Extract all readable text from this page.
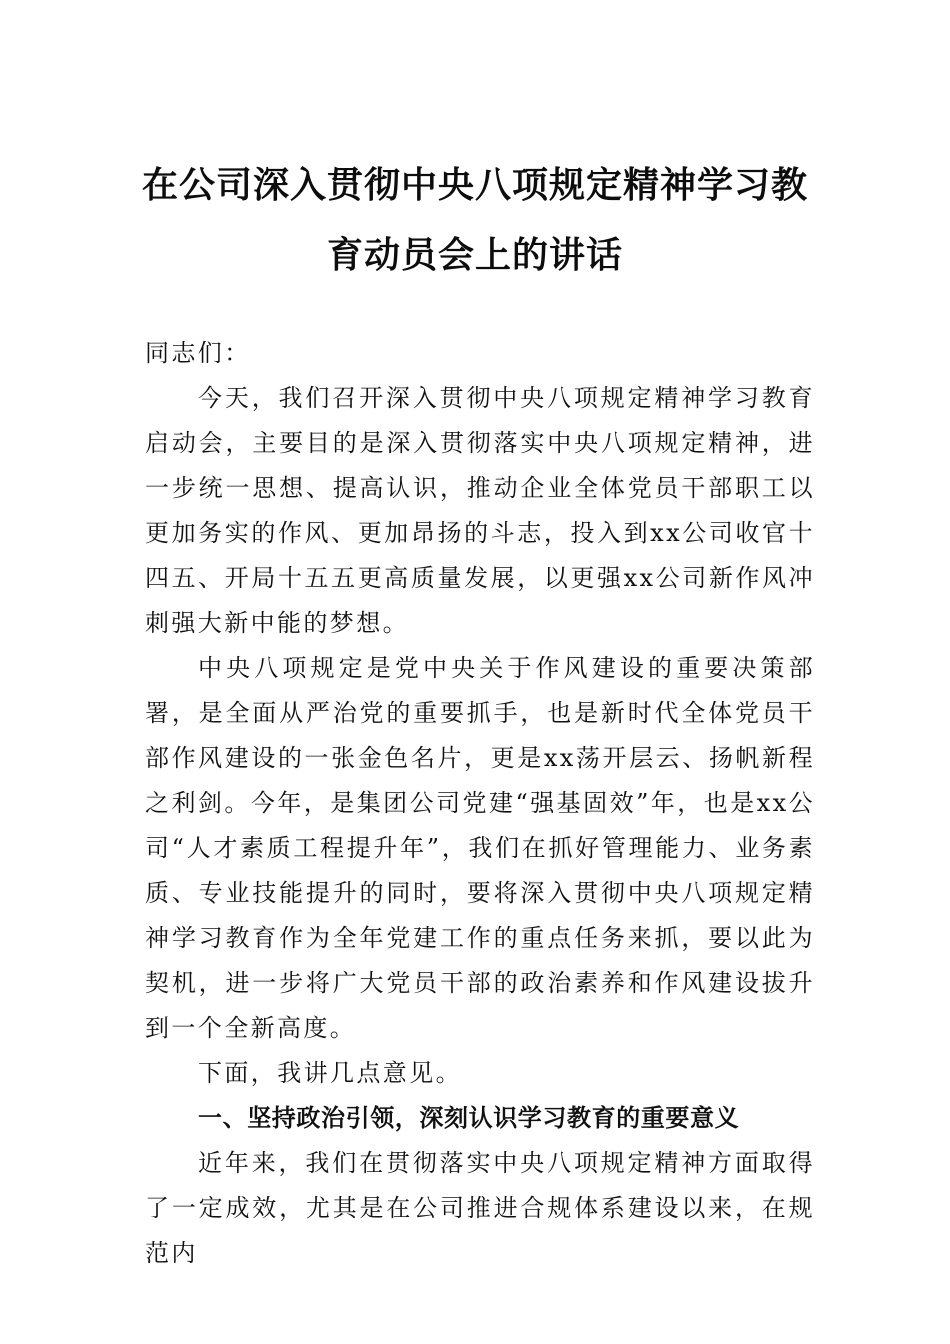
在公司深入贯彻中央八项规定精神学习教
育动员会上的讲话

同志们：

今天，我们召开深入贯彻中央八项规定精神学习教育启动会，主要目的是深入贯彻落实中央八项规定精神，进一步统一思想、提高认识，推动企业全体党员干部职工以更加务实的作风、更加昂扬的斗志，投入到xx公司收官十四五、开局十五五更高质量发展，以更强xx公司新作风冲刺强大新中能的梦想。

中央八项规定是党中央关于作风建设的重要决策部署，是全面从严治党的重要抓手，也是新时代全体党员干部作风建设的一张金色名片，更是xx荡开层云、扬帆新程之利剑。今年，是集团公司党建“强基固效”年，也是xx公司“人才素质工程提升年”，我们在抓好管理能力、业务素质、专业技能提升的同时，要将深入贯彻中央八项规定精神学习教育作为全年党建工作的重点任务来抓，要以此为契机，进一步将广大党员干部的政治素养和作风建设拔升到一个全新高度。

下面，我讲几点意见。

一、坚持政治引领，深刻认识学习教育的重要意义

近年来，我们在贯彻落实中央八项规定精神方面取得了一定成效，尤其是在公司推进合规体系建设以来，在规范内
